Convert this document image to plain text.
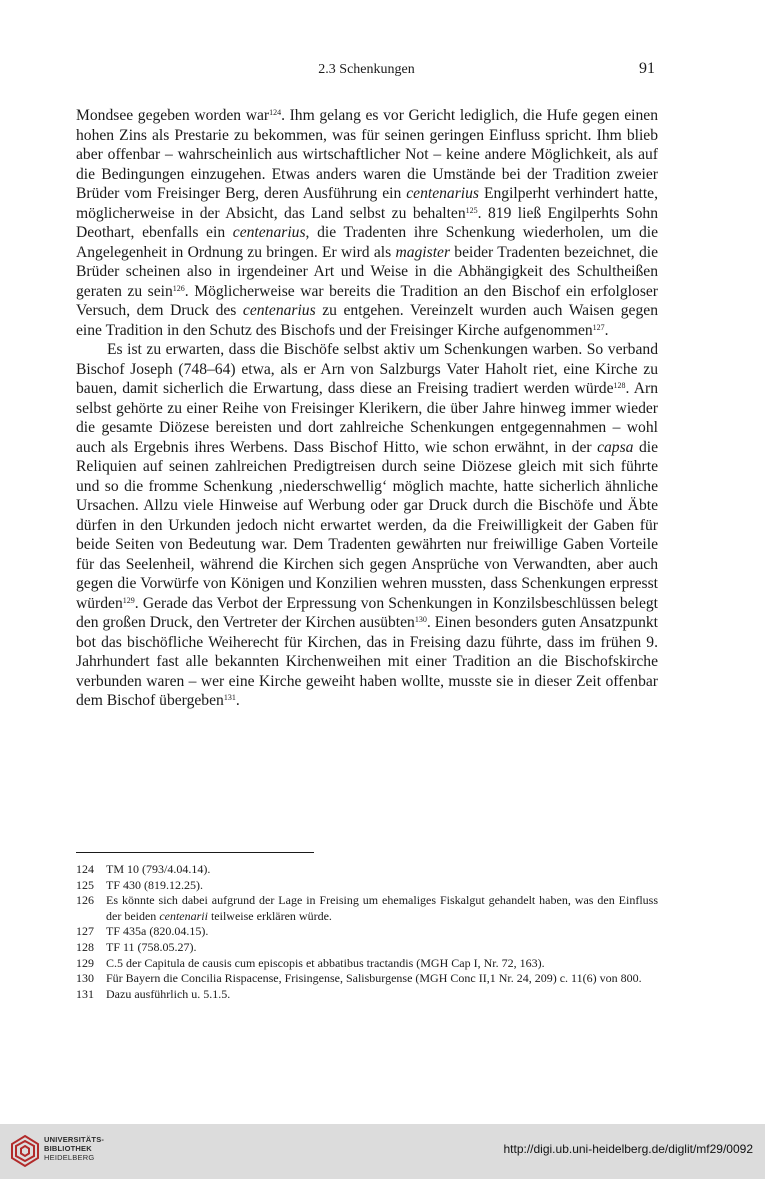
2.3 Schenkungen	91

Mondsee gegeben worden war$^{124}$. Ihm gelang es vor Gericht lediglich, die Hufe gegen einen hohen Zins als Prestarie zu bekommen, was für seinen geringen Einfluss spricht. Ihm blieb aber offenbar – wahrscheinlich aus wirtschaftlicher Not – keine andere Möglichkeit, als auf die Bedingungen einzugehen. Etwas anders waren die Umstände bei der Tradition zweier Brüder vom Freisinger Berg, deren Ausführung ein centenarius Engilperht verhindert hatte, möglicherweise in der Absicht, das Land selbst zu behalten$^{125}$. 819 ließ Engilperhts Sohn Deothart, ebenfalls ein centenarius, die Tradenten ihre Schenkung wiederholen, um die Angelegenheit in Ordnung zu bringen. Er wird als magister beider Tradenten bezeichnet, die Brüder scheinen also in irgendeiner Art und Weise in die Abhängigkeit des Schultheißen geraten zu sein$^{126}$. Möglicherweise war bereits die Tradition an den Bischof ein erfolgloser Versuch, dem Druck des centenarius zu entgehen. Vereinzelt wurden auch Waisen gegen eine Tradition in den Schutz des Bischofs und der Freisinger Kirche aufgenommen$^{127}$.

Es ist zu erwarten, dass die Bischöfe selbst aktiv um Schenkungen warben. So verband Bischof Joseph (748–64) etwa, als er Arn von Salzburgs Vater Haholt riet, eine Kirche zu bauen, damit sicherlich die Erwartung, dass diese an Freising tradiert werden würde$^{128}$. Arn selbst gehörte zu einer Reihe von Freisinger Klerikern, die über Jahre hinweg immer wieder die gesamte Diözese bereisten und dort zahlreiche Schenkungen entgegennahmen – wohl auch als Ergebnis ihres Werbens. Dass Bischof Hitto, wie schon erwähnt, in der capsa die Reliquien auf seinen zahlreichen Predigtreisen durch seine Diözese gleich mit sich führte und so die fromme Schenkung ‚niederschwellig‘ möglich machte, hatte sicherlich ähnliche Ursachen. Allzu viele Hinweise auf Werbung oder gar Druck durch die Bischöfe und Äbte dürfen in den Urkunden jedoch nicht erwartet werden, da die Freiwilligkeit der Gaben für beide Seiten von Bedeutung war. Dem Tradenten gewährten nur freiwillige Gaben Vorteile für das Seelenheil, während die Kirchen sich gegen Ansprüche von Verwandten, aber auch gegen die Vorwürfe von Königen und Konzilien wehren mussten, dass Schenkungen erpresst würden$^{129}$. Gerade das Verbot der Erpressung von Schenkungen in Konzilsbeschlüssen belegt den großen Druck, den Vertreter der Kirchen ausübten$^{130}$. Einen besonders guten Ansatzpunkt bot das bischöfliche Weiherecht für Kirchen, das in Freising dazu führte, dass im frühen 9. Jahrhundert fast alle bekannten Kirchenweihen mit einer Tradition an die Bischofskirche verbunden waren – wer eine Kirche geweiht haben wollte, musste sie in dieser Zeit offenbar dem Bischof übergeben$^{131}$.

124	TM 10 (793/4.04.14).
125	TF 430 (819.12.25).
126	Es könnte sich dabei aufgrund der Lage in Freising um ehemaliges Fiskalgut gehandelt haben, was den Einfluss der beiden centenarii teilweise erklären würde.
127	TF 435a (820.04.15).
128	TF 11 (758.05.27).
129	C.5 der Capitula de causis cum episcopis et abbatibus tractandis (MGH Cap I, Nr. 72, 163).
130	Für Bayern die Concilia Rispacense, Frisingense, Salisburgense (MGH Conc II,1 Nr. 24, 209) c. 11(6) von 800.
131	Dazu ausführlich u. 5.1.5.
UNIVERSITÄTS-
BIBLIOTHEK
HEIDELBERG
http://digi.ub.uni-heidelberg.de/diglit/mf29/0092
